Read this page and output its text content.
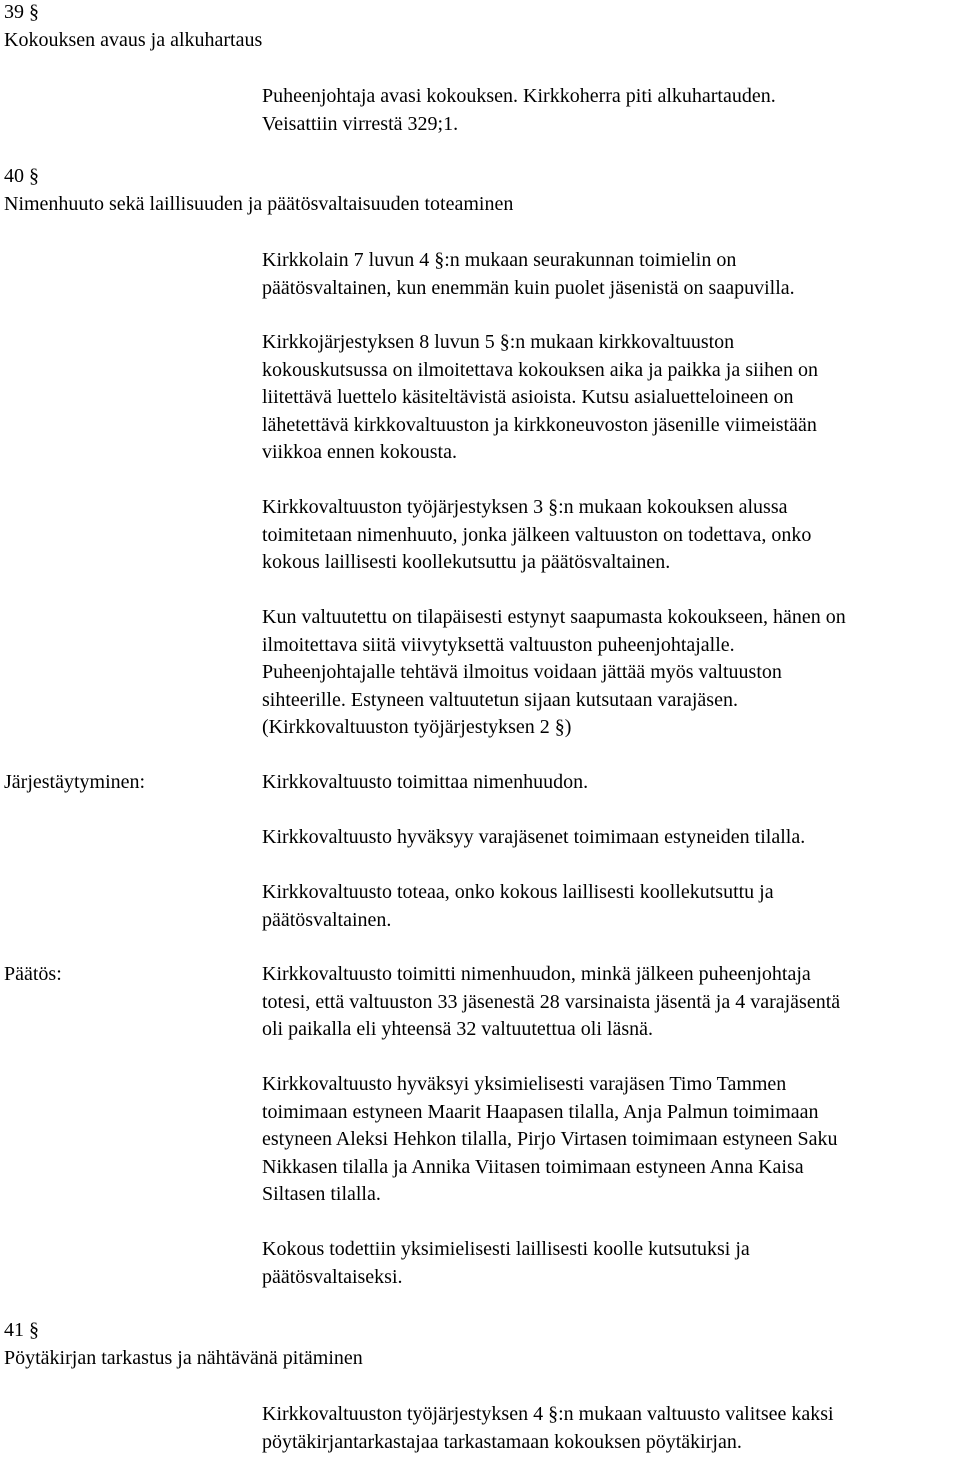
39 §
Kokouksen avaus ja alkuhartaus
Puheenjohtaja avasi kokouksen. Kirkkoherra piti alkuhartauden.
Veisattiin virrestä 329;1.
40 §
Nimenhuuto sekä laillisuuden ja päätösvaltaisuuden toteaminen
Kirkkolain 7 luvun 4 §:n mukaan seurakunnan toimielin on
päätösvaltainen, kun enemmän kuin puolet jäsenistä on saapuvilla.
Kirkkojärjestyksen 8 luvun 5 §:n mukaan kirkkovaltuuston
kokouskutsussa on ilmoitettava kokouksen aika ja paikka ja siihen on
liitettävä luettelo käsiteltävistä asioista. Kutsu asialuetteloineen on
lähetettävä kirkkovaltuuston ja kirkkoneuvoston jäsenille viimeistään
viikkoa ennen kokousta.
Kirkkovaltuuston työjärjestyksen 3 §:n mukaan kokouksen alussa
toimitetaan nimenhuuto, jonka jälkeen valtuuston on todettava, onko
kokous laillisesti koollekutsuttu ja päätösvaltainen.
Kun valtuutettu on tilapäisesti estynyt saapumasta kokoukseen, hänen on
ilmoitettava siitä viivytyksettä valtuuston puheenjohtajalle.
Puheenjohtajalle tehtävä ilmoitus voidaan jättää myös valtuuston
sihteerille. Estyneen valtuutetun sijaan kutsutaan varajäsen.
(Kirkkovaltuuston työjärjestyksen 2 §)
Järjestäytyminen:	Kirkkovaltuusto toimittaa nimenhuudon.
Kirkkovaltuusto hyväksyy varajäsenet toimimaan estyneiden tilalla.
Kirkkovaltuusto toteaa, onko kokous laillisesti koollekutsuttu ja
päätösvaltainen.
Päätös:	Kirkkovaltuusto toimitti nimenhuudon, minkä jälkeen puheenjohtaja
totesi, että valtuuston 33 jäsenestä 28 varsinaista jäsentä ja 4 varajäsentä
oli paikalla eli yhteensä 32 valtuutettua oli läsnä.
Kirkkovaltuusto hyväksyi yksimielisesti varajäsen Timo Tammen
toimimaan estyneen Maarit Haapasen tilalla, Anja Palmun toimimaan
estyneen Aleksi Hehkon tilalla, Pirjo Virtasen toimimaan estyneen Saku
Nikkasen tilalla ja Annika Viitasen toimimaan estyneen Anna Kaisa
Siltasen tilalla.
Kokous todettiin yksimielisesti laillisesti koolle kutsutuksi ja
päätösvaltaiseksi.
41 §
Pöytäkirjan tarkastus ja nähtävänä pitäminen
Kirkkovaltuuston työjärjestyksen 4 §:n mukaan valtuusto valitsee kaksi
pöytäkirjantarkastajaa tarkastamaan kokouksen pöytäkirjan.
